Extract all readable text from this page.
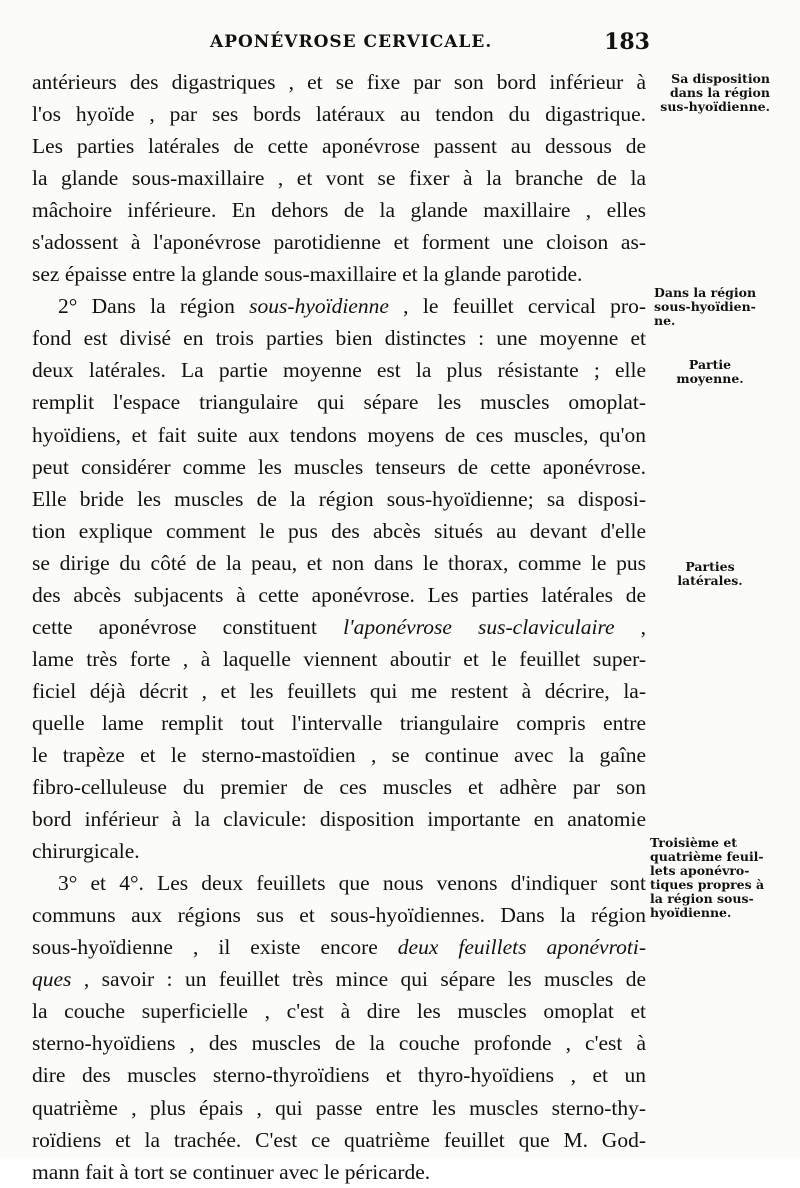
APONÉVROSE CERVICALE.	183
antérieurs des digastriques , et se fixe par son bord inférieur à
l'os hyoïde , par ses bords latéraux au tendon du digastrique.
Les parties latérales de cette aponévrose passent au dessous de
la glande sous-maxillaire , et vont se fixer à la branche de la
mâchoire inférieure. En dehors de la glande maxillaire , elles
s'adossent à l'aponévrose parotidienne et forment une cloison as-
sez épaisse entre la glande sous-maxillaire et la glande parotide.
2° Dans la région sous-hyoïdienne , le feuillet cervical pro-
fond est divisé en trois parties bien distinctes : une moyenne et
deux latérales. La partie moyenne est la plus résistante ; elle
remplit l'espace triangulaire qui sépare les muscles omoplat-
hyoïdiens, et fait suite aux tendons moyens de ces muscles, qu'on
peut considérer comme les muscles tenseurs de cette aponévrose.
Elle bride les muscles de la région sous-hyoïdienne; sa disposi-
tion explique comment le pus des abcès situés au devant d'elle
se dirige du côté de la peau, et non dans le thorax, comme le pus
des abcès subjacents à cette aponévrose. Les parties latérales de
cette aponévrose constituent l'aponévrose sus-claviculaire ,
lame très forte , à laquelle viennent aboutir et le feuillet super-
ficiel déjà décrit , et les feuillets qui me restent à décrire, la-
quelle lame remplit tout l'intervalle triangulaire compris entre
le trapèze et le sterno-mastoïdien , se continue avec la gaîne
fibro-celluleuse du premier de ces muscles et adhère par son
bord inférieur à la clavicule: disposition importante en anatomie
chirurgicale.
3° et 4°. Les deux feuillets que nous venons d'indiquer sont
communs aux régions sus et sous-hyoïdiennes. Dans la région
sous-hyoïdienne , il existe encore deux feuillets aponévroti-
ques , savoir : un feuillet très mince qui sépare les muscles de
la couche superficielle , c'est à dire les muscles omoplat et
sterno-hyoïdiens , des muscles de la couche profonde , c'est à
dire des muscles sterno-thyroïdiens et thyro-hyoïdiens , et un
quatrième , plus épais , qui passe entre les muscles sterno-thy-
roïdiens et la trachée. C'est ce quatrième feuillet que M. God-
mann fait à tort se continuer avec le péricarde.
Sa disposition
dans la région
sus-hyoïdienne.
Dans la région
sous-hyoïdien-
ne.
Partie
moyenne.
Parties
latérales.
Troisième et
quatrième feuil-
lets aponévro-
tiques propres à
la région sous-
hyoïdienne.
